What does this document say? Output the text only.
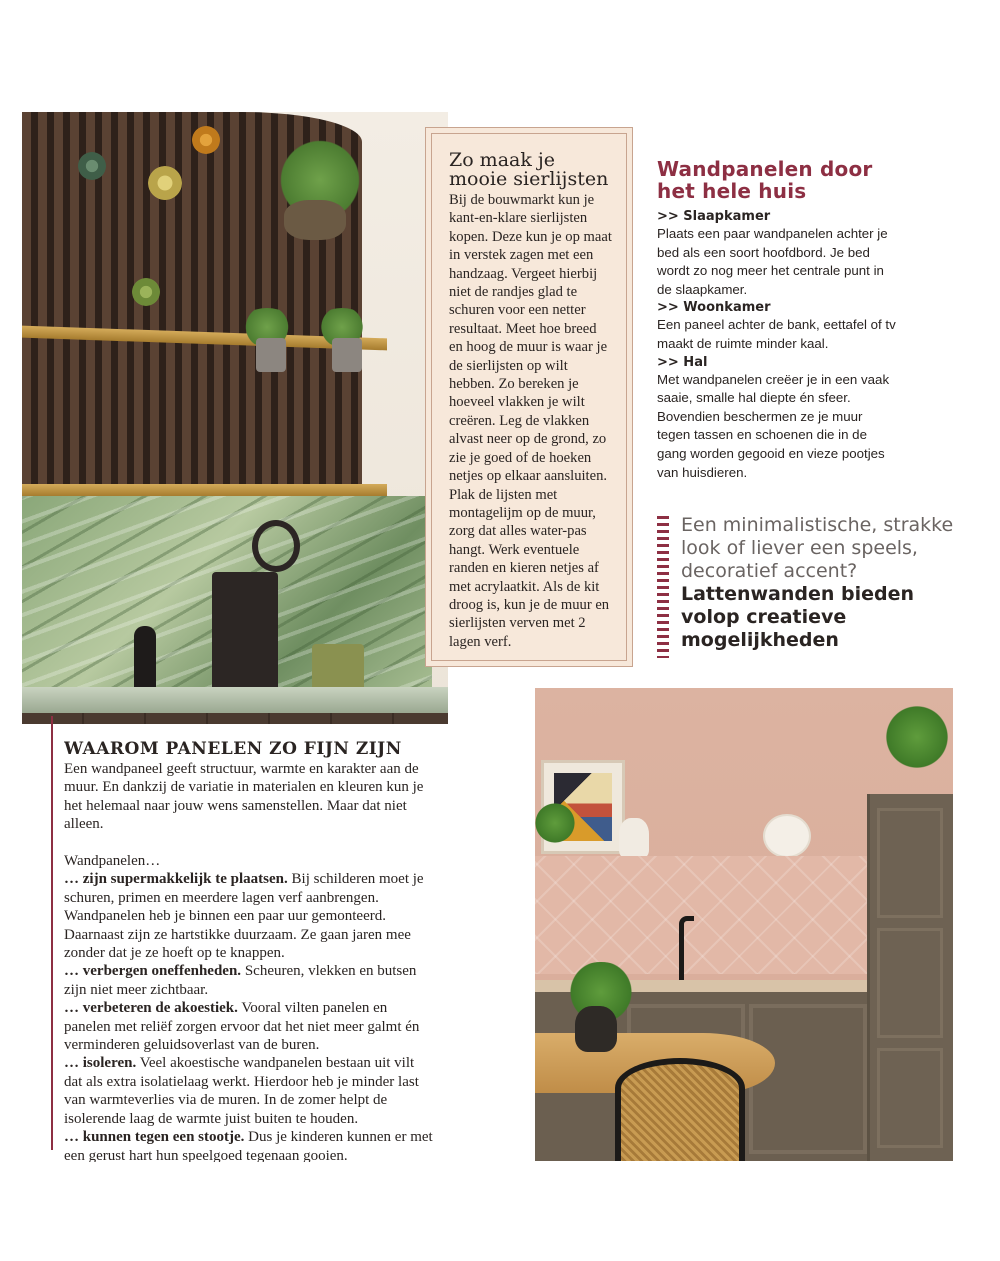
Zo maak je mooie sierlijsten

Bij de bouwmarkt kun je kant-en-klare sierlijsten kopen. Deze kun je op maat in verstek zagen met een handzaag. Vergeet hierbij niet de randjes glad te schuren voor een netter resultaat. Meet hoe breed en hoog de muur is waar je de sierlijsten op wilt hebben. Zo bereken je hoeveel vlakken je wilt creëren. Leg de vlakken alvast neer op de grond, zo zie je goed of de hoeken netjes op elkaar aansluiten. Plak de lijsten met montagelijm op de muur, zorg dat alles water-pas hangt. Werk eventuele randen en kieren netjes af met acrylaatkit. Als de kit droog is, kun je de muur en sierlijsten verven met 2 lagen verf.

Wandpanelen door het hele huis
>> Slaapkamer

Plaats een paar wandpanelen achter je bed als een soort hoofdbord. Je bed wordt zo nog meer het centrale punt in de slaapkamer.

>> Woonkamer

Een paneel achter de bank, eettafel of tv maakt de ruimte minder kaal.

>> Hal

Met wandpanelen creëer je in een vaak saaie, smalle hal diepte én sfeer. Bovendien beschermen ze je muur tegen tassen en schoenen die in de gang worden gegooid en vieze pootjes van huisdieren.

Een minimalistische, strakke look of liever een speels, decoratief accent?
Lattenwanden bieden volop creatieve mogelijkheden
WAAROM PANELEN ZO FIJN ZIJN

Een wandpaneel geeft structuur, warmte en karakter aan de muur. En dankzij de variatie in materialen en kleuren kun je het helemaal naar jouw wens samenstellen. Maar dat niet alleen.

Wandpanelen…

… zijn supermakkelijk te plaatsen. Bij schilderen moet je schuren, primen en meerdere lagen verf aanbrengen. Wandpanelen heb je binnen een paar uur gemonteerd. Daarnaast zijn ze hartstikke duurzaam. Ze gaan jaren mee zonder dat je ze hoeft op te knappen.

… verbergen oneffenheden. Scheuren, vlekken en butsen zijn niet meer zichtbaar.

… verbeteren de akoestiek. Vooral vilten panelen en panelen met reliëf zorgen ervoor dat het niet meer galmt én verminderen geluidsoverlast van de buren.

… isoleren. Veel akoestische wandpanelen bestaan uit vilt dat als extra isolatielaag werkt. Hierdoor heb je minder last van warmteverlies via de muren. In de zomer helpt de isolerende laag de warmte juist buiten te houden.

… kunnen tegen een stootje. Dus je kinderen kunnen er met een gerust hart hun speelgoed tegenaan gooien.
